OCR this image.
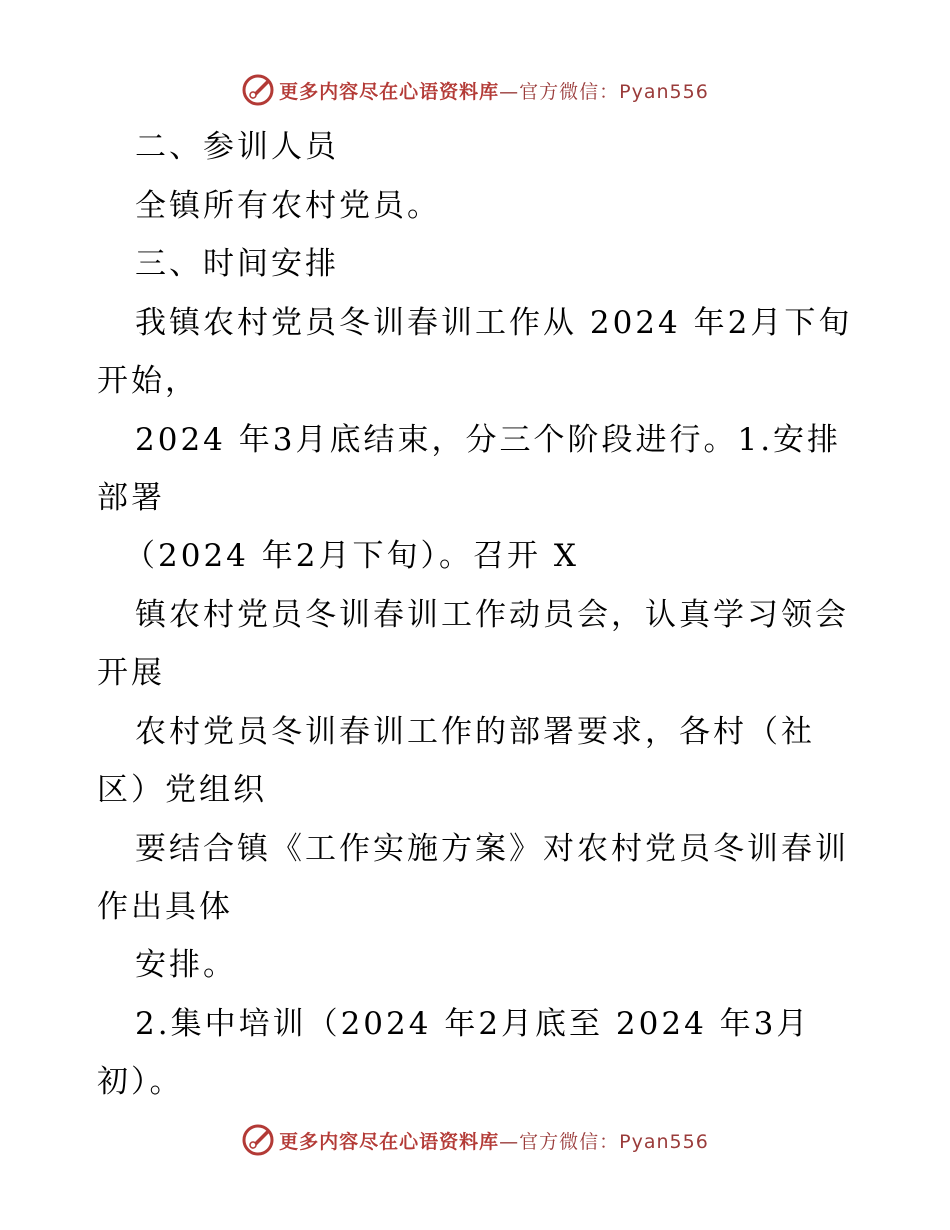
更多内容尽在心语资料库—官方微信：Pyan556
二、参训人员
全镇所有农村党员。
三、时间安排
我镇农村党员冬训春训工作从 2024 年2月下旬
开始，
2024 年3月底结束，分三个阶段进行。1.安排
部署
（2024 年2月下旬）。召开 X
镇农村党员冬训春训工作动员会，认真学习领会
开展
农村党员冬训春训工作的部署要求，各村（社
区）党组织
要结合镇《工作实施方案》对农村党员冬训春训
作出具体
安排。
2.集中培训（2024 年2月底至 2024 年3月
初）。
更多内容尽在心语资料库—官方微信：Pyan556
